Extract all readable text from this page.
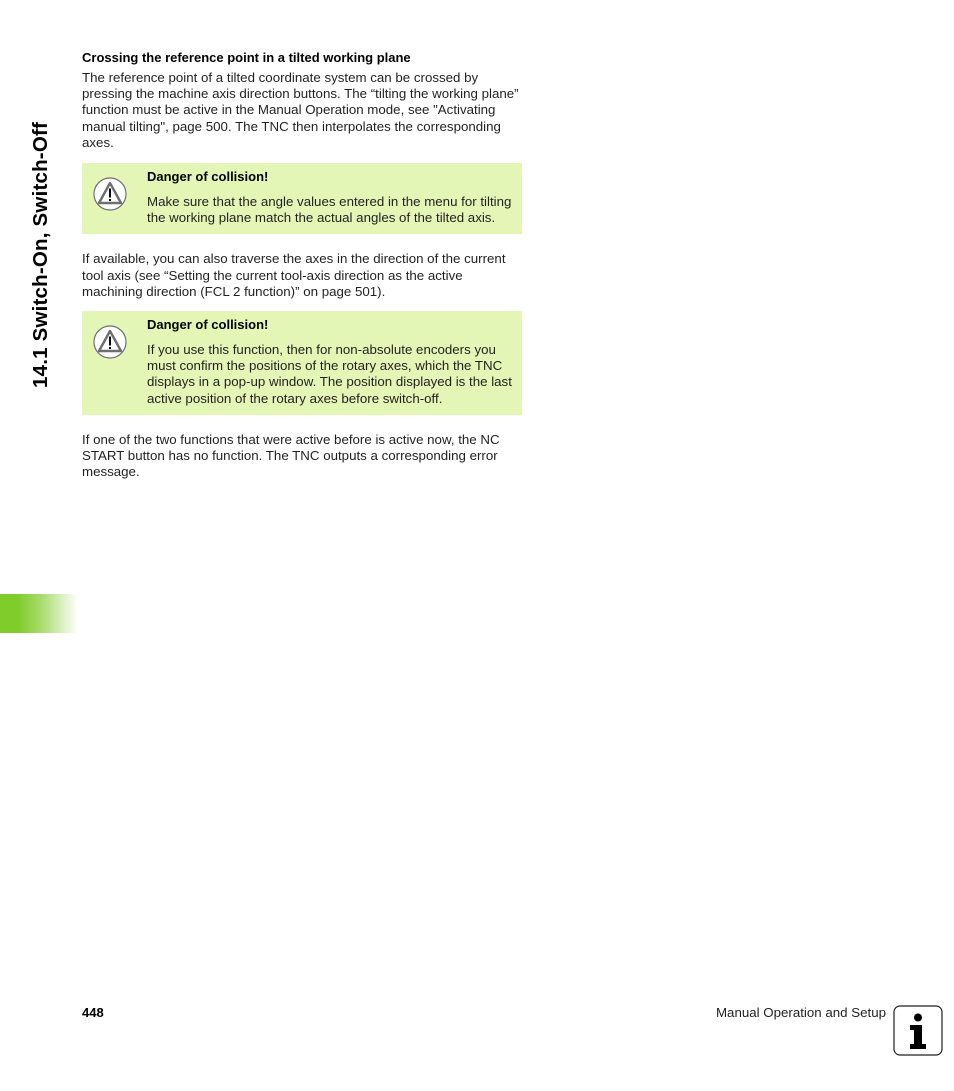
14.1 Switch-On, Switch-Off
Crossing the reference point in a tilted working plane

The reference point of a tilted coordinate system can be crossed by pressing the machine axis direction buttons. The “tilting the working plane” function must be active in the Manual Operation mode, see "Activating manual tilting", page 500. The TNC then interpolates the corresponding axes.

Danger of collision!

Make sure that the angle values entered in the menu for tilting the working plane match the actual angles of the tilted axis.

If available, you can also traverse the axes in the direction of the current tool axis (see “Setting the current tool-axis direction as the active machining direction (FCL 2 function)” on page 501).

Danger of collision!

If you use this function, then for non-absolute encoders you must confirm the positions of the rotary axes, which the TNC displays in a pop-up window. The position displayed is the last active position of the rotary axes before switch-off.

If one of the two functions that were active before is active now, the NC START button has no function. The TNC outputs a corresponding error message.

448	Manual Operation and Setup
